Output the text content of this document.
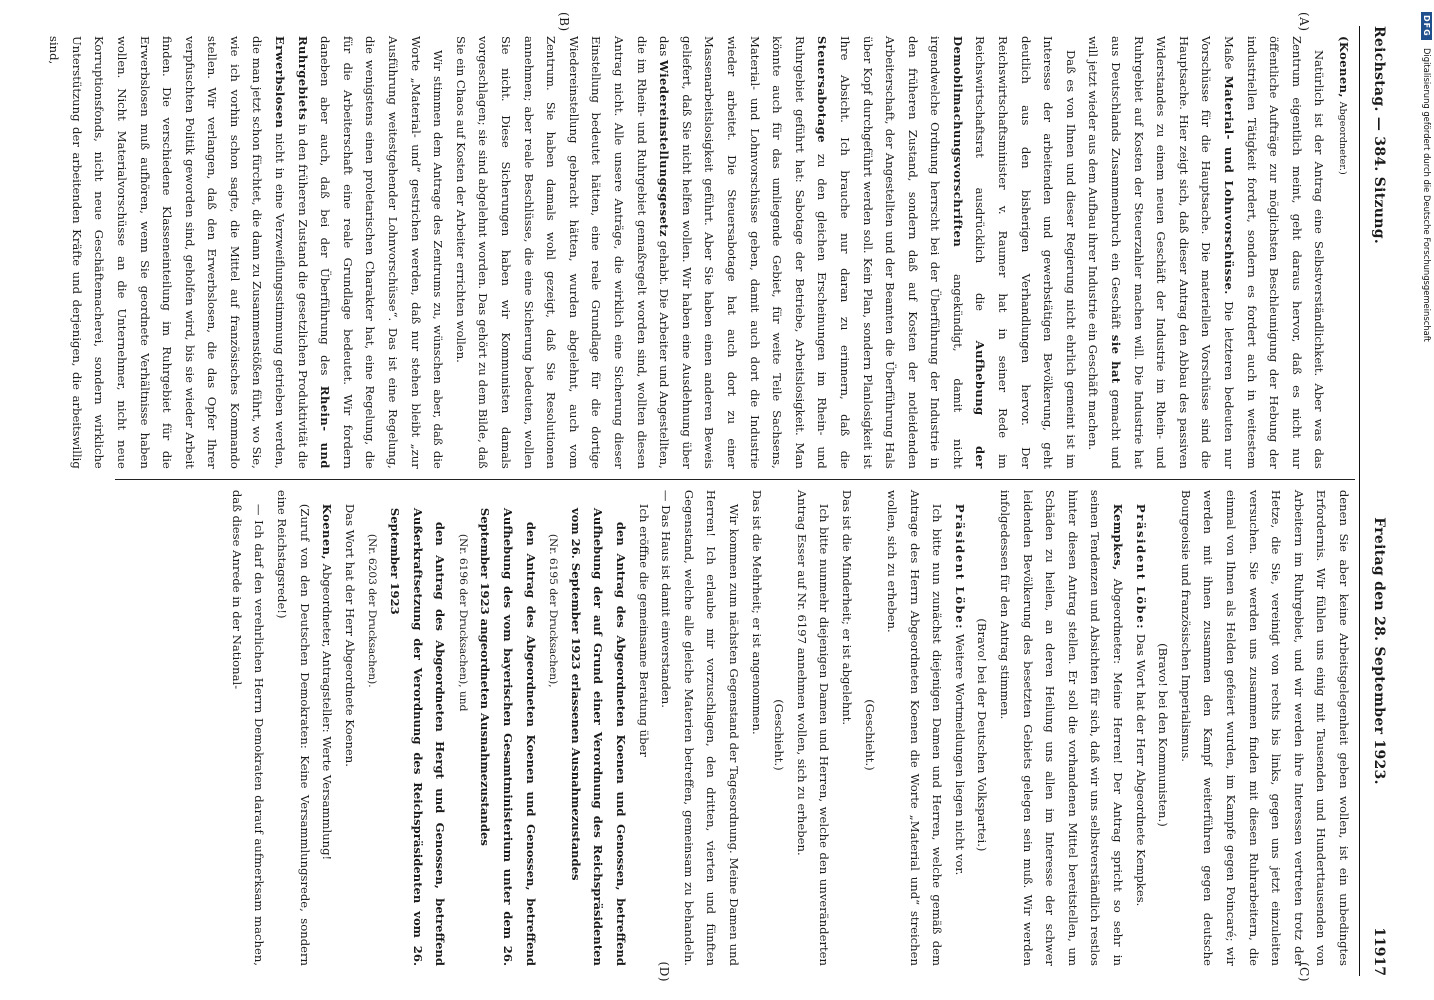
Reichstag. — 384. Sitzung.
Freitag den 28. September 1923.
11917
(A)
(B)
(C)
(D)

(Koenen, Abgeordneter.)

Natürlich ist der Antrag eine Selbstverständlichkeit. Aber was das Zentrum eigentlich meint, geht daraus hervor, daß es nicht nur öffentliche Aufträge zur möglichsten Beschleunigung der Hebung der industriellen Tätigkeit fordert, sondern es fordert auch in weitestem Maße Material- und Lohnvorschüsse. Die letzteren bedeuten nur Vorschüsse für die Hauptsache. Die materiellen Vorschüsse sind die Hauptsache. Hier zeigt sich, daß dieser Antrag den Abbau des passiven Widerstandes zu einem neuen Geschäft der Industrie im Rhein- und Ruhrgebiet auf Kosten der Steuerzahler machen will. Die Industrie hat aus Deutschlands Zusammenbruch ein Geschäft sie hat gemacht und will jetzt wieder aus dem Aufbau ihrer Industrie ein Geschäft machen.

Daß es von Ihnen und dieser Regierung nicht ehrlich gemeint ist im Interesse der arbeitenden und gewerbstätigen Bevölkerung, geht deutlich aus den bisherigen Verhandlungen hervor. Der Reichswirtschaftsminister v. Raumer hat in seiner Rede im Reichswirtschaftsrat ausdrücklich die Aufhebung der Demobilmachungsvorschriften angekündigt, damit nicht irgendwelche Ordnung herrscht bei der Überführung der Industrie in den früheren Zustand, sondern daß auf Kosten der notleidenden Arbeiterschaft, der Angestellten und der Beamten die Überführung Hals über Kopf durchgeführt werden soll. Kein Plan, sondern Planlosigkeit ist Ihre Absicht. Ich brauche nur daran zu erinnern, daß die Steuersabotage zu den gleichen Erscheinungen im Rhein- und Ruhrgebiet geführt hat: Sabotage der Betriebe, Arbeitslosigkeit. Man könnte auch für das umliegende Gebiet, für weite Teile Sachsens, Material- und Lohnvorschüsse geben, damit auch dort die Industrie wieder arbeitet. Die Steuersabotage hat auch dort zu einer Massenarbeitslosigkeit geführt. Aber Sie haben einen anderen Beweis geliefert, daß Sie nicht helfen wollen. Wir haben eine Ausdehnung über das Wiedereinstellungsgesetz gehabt. Die Arbeiter und Angestellten, die im Rhein- und Ruhrgebiet gemaßregelt worden sind, wollten diesen Antrag nicht. Alle unsere Anträge, die wirklich eine Sicherung dieser Einstellung bedeutet hätten, eine reale Grundlage für die dortige Wiedereinstellung gebracht hätten, wurden abgelehnt, auch vom Zentrum. Sie haben damals wohl gezeigt, daß Sie Resolutionen annehmen; aber reale Beschlüsse, die eine Sicherung bedeuten, wollen Sie nicht. Diese Sicherungen haben wir Kommunisten damals vorgeschlagen; sie sind abgelehnt worden. Das gehört zu dem Bilde, daß Sie ein Chaos auf Kosten der Arbeiter errichten wollen.

Wir stimmen dem Antrage des Zentrums zu, wünschen aber, daß die Worte „Material- und“ gestrichen werden, daß nur stehen bleibt „zur Ausführung weitestgehender Lohnvorschüsse“. Das ist eine Regelung, die wenigstens einen proletarischen Charakter hat, eine Regelung, die für die Arbeiterschaft eine reale Grundlage bedeutet. Wir fordern daneben aber auch, daß bei der Überführung des Rhein- und Ruhrgebiets in den früheren Zustand die gesetzlichen Produktivität die Erwerbslosen nicht in eine Verzweiflungsstimmung getrieben werden, die man jetzt schon fürchtet, die dann zu Zusammenstößen führt, wo Sie, wie ich vorhin schon sagte, die Mittel auf französisches Kommando stellen. Wir verlangen, daß den Erwerbslosen, die das Opfer Ihrer verpfuschten Politik geworden sind, geholfen wird, bis sie wieder Arbeit finden. Die verschiedene Klasseneinteilung im Ruhrgebiet für die Erwerbslosen muß aufhören, wenn Sie geordnete Verhältnisse haben wollen. Nicht Materialvorschüsse an die Unternehmer, nicht neue Korruptionsfonds, nicht neue Geschäftemacherei, sondern wirkliche Unterstützung der arbeitenden Kräfte und derjenigen, die arbeitswillig sind,

denen Sie aber keine Arbeitsgelegenheit geben wollen, ist ein unbedingtes Erfordernis. Wir fühlen uns einig mit Tausenden und Hunderttausenden von Arbeitern im Ruhrgebiet, und wir werden ihre Interessen vertreten trotz der Hetze, die Sie, vereinigt von rechts bis links, gegen uns jetzt einzuleiten versuchen. Sie werden uns zusammen finden mit diesen Ruhrarbeitern, die einmal von Ihnen als Helden gefeiert wurden, im Kampfe gegen Poincaré; wir werden mit ihnen zusammen den Kampf weiterführen gegen deutsche Bourgeoisie und französischen Imperialismus.

(Bravo! bei den Kommunisten.)

Präsident Löbe: Das Wort hat der Herr Abgeordnete Kempkes.

Kempkes, Abgeordneter: Meine Herren! Der Antrag spricht so sehr in seinen Tendenzen und Absichten für sich, daß wir uns selbstverständlich restlos hinter diesen Antrag stellen. Er soll die vorhandenen Mittel bereitstellen, um Schäden zu heilen, an deren Heilung uns allen im Interesse der schwer leidenden Bevölkerung des besetzten Gebiets gelegen sein muß. Wir werden infolgedessen für den Antrag stimmen.

(Bravo! bei der Deutschen Volkspartei.)

Präsident Löbe: Weitere Wortmeldungen liegen nicht vor.

Ich bitte nun zunächst diejenigen Damen und Herren, welche gemäß dem Antrage des Herrn Abgeordneten Koenen die Worte „Material und“ streichen wollen, sich zu erheben.

(Geschieht.)

Das ist die Minderheit; er ist abgelehnt.

Ich bitte nunmehr diejenigen Damen und Herren, welche den unveränderten Antrag Esser auf Nr. 6197 annehmen wollen, sich zu erheben.

(Geschieht.)

Das ist die Mehrheit; er ist angenommen.

Wir kommen zum nächsten Gegenstand der Tagesordnung. Meine Damen und Herren! Ich erlaube mir vorzuschlagen, den dritten, vierten und fünften Gegenstand, welche alle gleiche Materien betreffen, gemeinsam zu behandeln. — Das Haus ist damit einverstanden.

Ich eröffne die gemeinsame Beratung über

den Antrag des Abgeordneten Koenen und Genossen, betreffend Aufhebung der auf Grund einer Verordnung des Reichspräsidenten vom 26. September 1923 erlassenen Ausnahmezustandes

(Nr. 6195 der Drucksachen),

den Antrag des Abgeordneten Koenen und Genossen, betreffend Aufhebung des vom bayerischen Gesamtministerium unter dem 26. September 1923 angeordneten Ausnahmezustandes

(Nr. 6196 der Drucksachen), und

den Antrag des Abgeordneten Hergt und Genossen, betreffend Außerkraftsetzung der Verordnung des Reichspräsidenten vom 26. September 1923

(Nr. 6203 der Drucksachen).

Das Wort hat der Herr Abgeordnete Koenen.

Koenen, Abgeordneter, Antragsteller: Werte Versammlung!

(Zuruf von den Deutschen Demokraten: Keine Versammlungsrede, sondern eine Reichstagsrede!)

— Ich darf den verehrlichen Herrn Demokraten darauf aufmerksam machen, daß diese Anrede in der National-

DFG
Digitalisierung gefördert durch die Deutsche Forschungsgemeinschaft
